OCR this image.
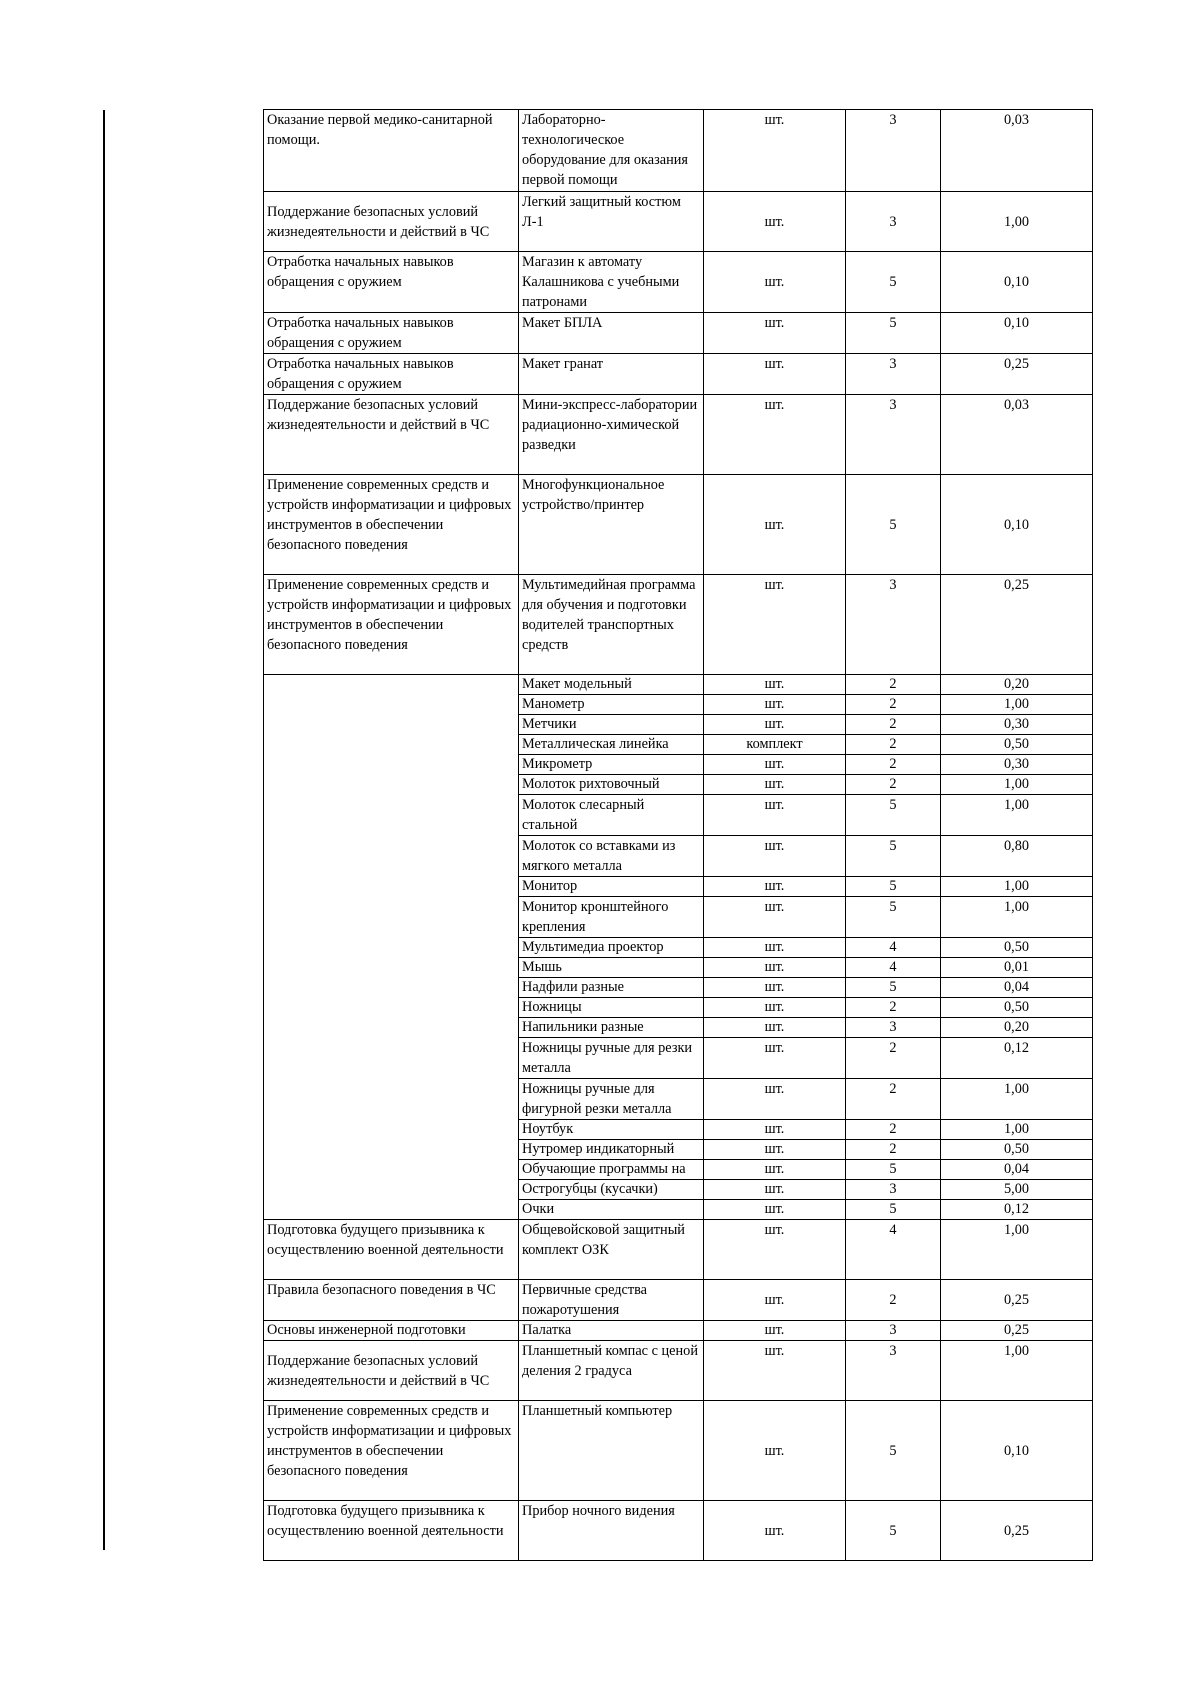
Оказание первой медико-санитарной помощи.	Лабораторно-технологическое оборудование для оказания первой помощи	шт.	3	0,03
Поддержание безопасных условий жизнедеятельности и действий в ЧС	Легкий защитный костюм Л-1	шт.	3	1,00
Отработка начальных навыков обращения с оружием	Магазин к автомату Калашникова с учебными патронами	шт.	5	0,10
Отработка начальных навыков обращения с оружием	Макет БПЛА	шт.	5	0,10
Отработка начальных навыков обращения с оружием	Макет гранат	шт.	3	0,25
Поддержание безопасных условий жизнедеятельности и действий в ЧС	Мини-экспресс-лаборатории радиационно-химической разведки	шт.	3	0,03
Применение современных средств и устройств информатизации и цифровых инструментов в обеспечении безопасного поведения	Многофункциональное устройство/принтер	шт.	5	0,10
Применение современных средств и устройств информатизации и цифровых инструментов в обеспечении безопасного поведения	Мультимедийная программа для обучения и подготовки водителей транспортных средств	шт.	3	0,25
	Макет модельный	шт.	2	0,20
	Манометр	шт.	2	1,00
	Метчики	шт.	2	0,30
	Металлическая линейка	комплект	2	0,50
	Микрометр	шт.	2	0,30
	Молоток рихтовочный	шт.	2	1,00
	Молоток слесарный стальной	шт.	5	1,00
	Молоток со вставками из мягкого металла	шт.	5	0,80
	Монитор	шт.	5	1,00
	Монитор кронштейного крепления	шт.	5	1,00
	Мультимедиа проектор	шт.	4	0,50
	Мышь	шт.	4	0,01
	Надфили разные	шт.	5	0,04
	Ножницы	шт.	2	0,50
	Напильники разные	шт.	3	0,20
	Ножницы ручные для резки металла	шт.	2	0,12
	Ножницы ручные для фигурной резки металла	шт.	2	1,00
	Ноутбук	шт.	2	1,00
	Нутромер индикаторный	шт.	2	0,50
	Обучающие программы на	шт.	5	0,04
	Острогубцы (кусачки)	шт.	3	5,00
	Очки	шт.	5	0,12
Подготовка будущего призывника к осуществлению военной деятельности	Общевойсковой защитный комплект ОЗК	шт.	4	1,00
Правила безопасного поведения в ЧС	Первичные средства пожаротушения	шт.	2	0,25
Основы инженерной подготовки	Палатка	шт.	3	0,25
Поддержание безопасных условий жизнедеятельности и действий в ЧС	Планшетный компас с ценой деления 2 градуса	шт.	3	1,00
Применение современных средств и устройств информатизации и цифровых инструментов в обеспечении безопасного поведения	Планшетный компьютер	шт.	5	0,10
Подготовка будущего призывника к осуществлению военной деятельности	Прибор ночного видения	шт.	5	0,25
